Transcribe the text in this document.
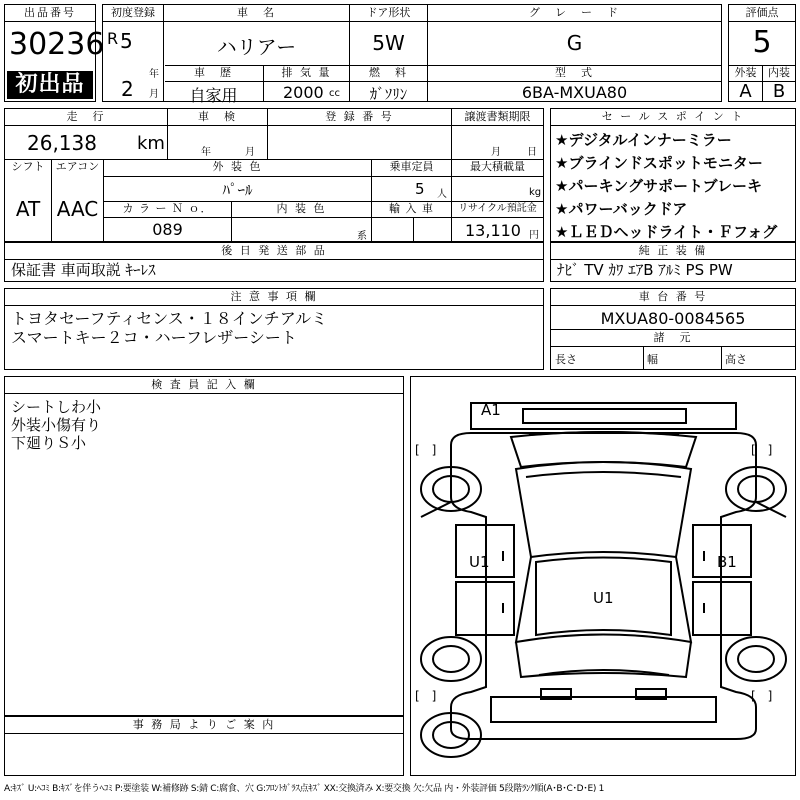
出品番号
30236
初出品
初度登録
R 5
年
2 月
車　名
ハリアー
ドア形状
5W
グ　レ　ー　ド
G
車　歴
自家用
排 気 量
2000 cc
燃　料
ｶﾞｿﾘﾝ
型　式
6BA-MXUA80
評価点
5
外装	内装
A	B
走　行
26,138 km
車　検
年	月
登 録 番 号	譲渡書類期限
月	日
シフト
AT
エアコン
AAC
外 装 色
ﾊﾟｰﾙ
乗車定員
5 人
最大積載量
kg
カ ラ ー Ｎ ｏ．
089
内 装 色
系
輸 入 車	リサイクル預託金
13,110 円
後 日 発 送 部 品
保証書 車両取説 ｷｰﾚｽ
セ ー ル ス ポ イ ン ト
★デジタルインナーミラー
★ブラインドスポットモニター
★パーキングサポートブレーキ
★パワーバックドア
★ＬＥＤヘッドライト・Ｆフォグ
純 正 装 備
ﾅﾋﾞ TV ｶﾜ ｴｱB ｱﾙﾐ PS PW
注 意 事 項 欄
トヨタセーフティセンス・１８インチアルミ
スマートキー２コ・ハーフレザーシート
車 台 番 号
MXUA80-0084565
諸　元
長さ	幅	高さ
検 査 員 記 入 欄
シートしわ小
外装小傷有り
下廻りＳ小
事 務 局 よ り ご 案 内
A1
U1	B1
U1
[　]	[　]
[　]	[　]
A:ｷｽﾞ U:ﾍｺﾐ B:ｷｽﾞを伴うﾍｺﾐ P:要塗装 W:補修跡 S:錆 C:腐食、穴 G:ﾌﾛﾝﾄｶﾞﾗｽ点ｷｽﾞ XX:交換済み X:要交換 欠:欠品 内・外装評価 5段階ﾗﾝｸ順(A･B･C･D･E) 1
